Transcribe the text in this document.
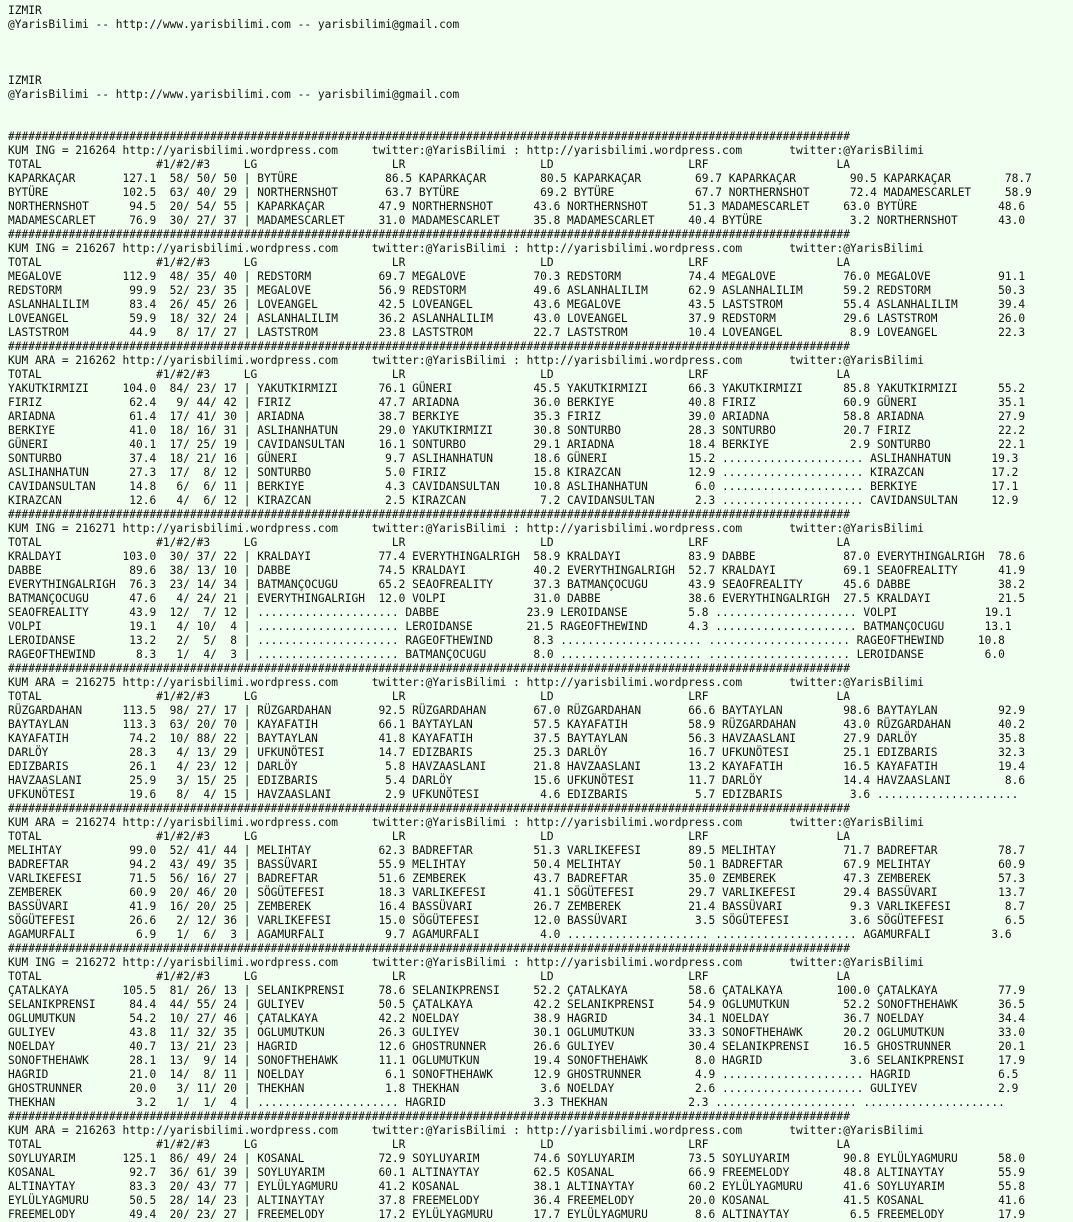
IZMIR
@YarisBilimi -- http://www.yarisbilimi.com -- yarisbilimi@gmail.com
IZMIR
@YarisBilimi -- http://www.yarisbilimi.com -- yarisbilimi@gmail.com
#############################################################################################################################
KUM ING = 216264 http://yarisbilimi.wordpress.com     twitter:@YarisBilimi : http://yarisbilimi.wordpress.com       twitter:@YarisBilimi
TOTAL                 #1/#2/#3     LG                    LR                    LD                    LRF                   LA
KAPARKAÇAR       127.1  58/ 50/ 50 | BYTÜRE             86.5 KAPARKAÇAR        80.5 KAPARKAÇAR        69.7 KAPARKAÇAR        90.5 KAPARKAÇAR        78.7
BYTÜRE           102.5  63/ 40/ 29 | NORTHERNSHOT       63.7 BYTÜRE            69.2 BYTÜRE            67.7 NORTHERNSHOT      72.4 MADAMESCARLET     58.9
NORTHERNSHOT      94.5  20/ 54/ 55 | KAPARKAÇAR        47.9 NORTHERNSHOT      43.6 NORTHERNSHOT      51.3 MADAMESCARLET     63.0 BYTÜRE            48.6
MADAMESCARLET     76.9  30/ 27/ 37 | MADAMESCARLET     31.0 MADAMESCARLET     35.8 MADAMESCARLET     40.4 BYTÜRE             3.2 NORTHERNSHOT      43.0
#############################################################################################################################
KUM ING = 216267 http://yarisbilimi.wordpress.com     twitter:@YarisBilimi : http://yarisbilimi.wordpress.com       twitter:@YarisBilimi
TOTAL                 #1/#2/#3     LG                    LR                    LD                    LRF                   LA
MEGALOVE         112.9  48/ 35/ 40 | REDSTORM          69.7 MEGALOVE          70.3 REDSTORM          74.4 MEGALOVE          76.0 MEGALOVE          91.1
REDSTORM          99.9  52/ 23/ 35 | MEGALOVE          56.9 REDSTORM          49.6 ASLANHALILIM      62.9 ASLANHALILIM      59.2 REDSTORM          50.3
ASLANHALILIM      83.4  26/ 45/ 26 | LOVEANGEL         42.5 LOVEANGEL         43.6 MEGALOVE          43.5 LASTSTROM         55.4 ASLANHALILIM      39.4
LOVEANGEL         59.9  18/ 32/ 24 | ASLANHALILIM      36.2 ASLANHALILIM      43.0 LOVEANGEL         37.9 REDSTORM          29.6 LASTSTROM         26.0
LASTSTROM         44.9   8/ 17/ 27 | LASTSTROM         23.8 LASTSTROM         22.7 LASTSTROM         10.4 LOVEANGEL          8.9 LOVEANGEL         22.3
#############################################################################################################################
KUM ARA = 216262 http://yarisbilimi.wordpress.com     twitter:@YarisBilimi : http://yarisbilimi.wordpress.com       twitter:@YarisBilimi
TOTAL                 #1/#2/#3     LG                    LR                    LD                    LRF                   LA
YAKUTKIRMIZI     104.0  84/ 23/ 17 | YAKUTKIRMIZI      76.1 GÜNERI            45.5 YAKUTKIRMIZI      66.3 YAKUTKIRMIZI      85.8 YAKUTKIRMIZI      55.2
FIRIZ             62.4   9/ 44/ 42 | FIRIZ             47.7 ARIADNA           36.0 BERKIYE           40.8 FIRIZ             60.9 GÜNERI            35.1
ARIADNA           61.4  17/ 41/ 30 | ARIADNA           38.7 BERKIYE           35.3 FIRIZ             39.0 ARIADNA           58.8 ARIADNA           27.9
BERKIYE           41.0  18/ 16/ 31 | ASLIHANHATUN      29.0 YAKUTKIRMIZI      30.8 SONTURBO          28.3 SONTURBO          20.7 FIRIZ             22.2
GÜNERI            40.1  17/ 25/ 19 | CAVIDANSULTAN     16.1 SONTURBO          29.1 ARIADNA           18.4 BERKIYE            2.9 SONTURBO          22.1
SONTURBO          37.4  18/ 21/ 16 | GÜNERI             9.7 ASLIHANHATUN      18.6 GÜNERI            15.2 ..................... ASLIHANHATUN      19.3
ASLIHANHATUN      27.3  17/  8/ 12 | SONTURBO           5.0 FIRIZ             15.8 KIRAZCAN          12.9 ..................... KIRAZCAN          17.2
CAVIDANSULTAN     14.8   6/  6/ 11 | BERKIYE            4.3 CAVIDANSULTAN     10.8 ASLIHANHATUN       6.0 ..................... BERKIYE           17.1
KIRAZCAN          12.6   4/  6/ 12 | KIRAZCAN           2.5 KIRAZCAN           7.2 CAVIDANSULTAN      2.3 ..................... CAVIDANSULTAN     12.9
#############################################################################################################################
KUM ING = 216271 http://yarisbilimi.wordpress.com     twitter:@YarisBilimi : http://yarisbilimi.wordpress.com       twitter:@YarisBilimi
TOTAL                 #1/#2/#3     LG                    LR                    LD                    LRF                   LA
KRALDAYI         103.0  30/ 37/ 22 | KRALDAYI          77.4 EVERYTHINGALRIGH  58.9 KRALDAYI          83.9 DABBE             87.0 EVERYTHINGALRIGH  78.6
DABBE             89.6  38/ 13/ 10 | DABBE             74.5 KRALDAYI          40.2 EVERYTHINGALRIGH  52.7 KRALDAYI          69.1 SEAOFREALITY      41.9
EVERYTHINGALRIGH  76.3  23/ 14/ 34 | BATMANÇOCUGU      65.2 SEAOFREALITY      37.3 BATMANÇOCUGU      43.9 SEAOFREALITY      45.6 DABBE             38.2
BATMANÇOCUGU      47.6   4/ 24/ 21 | EVERYTHINGALRIGH  12.0 VOLPI             31.0 DABBE             38.6 EVERYTHINGALRIGH  27.5 KRALDAYI          21.5
SEAOFREALITY      43.9  12/  7/ 12 | ..................... DABBE             23.9 LEROIDANSE         5.8 ..................... VOLPI             19.1
VOLPI             19.1   4/ 10/  4 | ..................... LEROIDANSE        21.5 RAGEOFTHEWIND      4.3 ..................... BATMANÇOCUGU      13.1
LEROIDANSE        13.2   2/  5/  8 | ..................... RAGEOFTHEWIND      8.3 ..................... ..................... RAGEOFTHEWIND     10.8
RAGEOFTHEWIND      8.3   1/  4/  3 | ..................... BATMANÇOCUGU       8.0 ..................... ..................... LEROIDANSE         6.0
#############################################################################################################################
KUM ARA = 216275 http://yarisbilimi.wordpress.com     twitter:@YarisBilimi : http://yarisbilimi.wordpress.com       twitter:@YarisBilimi
TOTAL                 #1/#2/#3     LG                    LR                    LD                    LRF                   LA
RÜZGARDAHAN      113.5  98/ 27/ 17 | RÜZGARDAHAN       92.5 RÜZGARDAHAN       67.0 RÜZGARDAHAN       66.6 BAYTAYLAN         98.6 BAYTAYLAN         92.9
BAYTAYLAN        113.3  63/ 20/ 70 | KAYAFATIH         66.1 BAYTAYLAN         57.5 KAYAFATIH         58.9 RÜZGARDAHAN       43.0 RÜZGARDAHAN       40.2
KAYAFATIH         74.2  10/ 88/ 22 | BAYTAYLAN         41.8 KAYAFATIH         37.5 BAYTAYLAN         56.3 HAVZAASLANI       27.9 DARLÖY            35.8
DARLÖY            28.3   4/ 13/ 29 | UFKUNÖTESI        14.7 EDIZBARIS         25.3 DARLÖY            16.7 UFKUNÖTESI        25.1 EDIZBARIS         32.3
EDIZBARIS         26.1   4/ 23/ 12 | DARLÖY             5.8 HAVZAASLANI       21.8 HAVZAASLANI       13.2 KAYAFATIH         16.5 KAYAFATIH         19.4
HAVZAASLANI       25.9   3/ 15/ 25 | EDIZBARIS          5.4 DARLÖY            15.6 UFKUNÖTESI        11.7 DARLÖY            14.4 HAVZAASLANI        8.6
UFKUNÖTESI        19.6   8/  4/ 15 | HAVZAASLANI        2.9 UFKUNÖTESI         4.6 EDIZBARIS          5.7 EDIZBARIS          3.6 .....................
#############################################################################################################################
KUM ARA = 216274 http://yarisbilimi.wordpress.com     twitter:@YarisBilimi : http://yarisbilimi.wordpress.com       twitter:@YarisBilimi
TOTAL                 #1/#2/#3     LG                    LR                    LD                    LRF                   LA
MELIHTAY          99.0  52/ 41/ 44 | MELIHTAY          62.3 BADREFTAR         51.3 VARLIKEFESI       89.5 MELIHTAY          71.7 BADREFTAR         78.7
BADREFTAR         94.2  43/ 49/ 35 | BASSÜVARI         55.9 MELIHTAY          50.4 MELIHTAY          50.1 BADREFTAR         67.9 MELIHTAY          60.9
VARLIKEFESI       71.5  56/ 16/ 27 | BADREFTAR         51.6 ZEMBEREK          43.7 BADREFTAR         35.0 ZEMBEREK          47.3 ZEMBEREK          57.3
ZEMBEREK          60.9  20/ 46/ 20 | SÖGÜTEFESI        18.3 VARLIKEFESI       41.1 SÖGÜTEFESI        29.7 VARLIKEFESI       29.4 BASSÜVARI         13.7
BASSÜVARI         41.9  16/ 20/ 25 | ZEMBEREK          16.4 BASSÜVARI         26.7 ZEMBEREK          21.4 BASSÜVARI          9.3 VARLIKEFESI        8.7
SÖGÜTEFESI        26.6   2/ 12/ 36 | VARLIKEFESI       15.0 SÖGÜTEFESI        12.0 BASSÜVARI          3.5 SÖGÜTEFESI         3.6 SÖGÜTEFESI         6.5
AGAMURFALI         6.9   1/  6/  3 | AGAMURFALI         9.7 AGAMURFALI         4.0 ..................... ..................... AGAMURFALI         3.6
#############################################################################################################################
KUM ING = 216272 http://yarisbilimi.wordpress.com     twitter:@YarisBilimi : http://yarisbilimi.wordpress.com       twitter:@YarisBilimi
TOTAL                 #1/#2/#3     LG                    LR                    LD                    LRF                   LA
ÇATALKAYA        105.5  81/ 26/ 13 | SELANIKPRENSI     78.6 SELANIKPRENSI     52.2 ÇATALKAYA         58.6 ÇATALKAYA        100.0 ÇATALKAYA         77.9
SELANIKPRENSI     84.4  44/ 55/ 24 | GULIYEV           50.5 ÇATALKAYA         42.2 SELANIKPRENSI     54.9 OGLUMUTKUN        52.2 SONOFTHEHAWK      36.5
OGLUMUTKUN        54.2  10/ 27/ 46 | ÇATALKAYA         42.2 NOELDAY           38.9 HAGRID            34.1 NOELDAY           36.7 NOELDAY           34.4
GULIYEV           43.8  11/ 32/ 35 | OGLUMUTKUN        26.3 GULIYEV           30.1 OGLUMUTKUN        33.3 SONOFTHEHAWK      20.2 OGLUMUTKUN        33.0
NOELDAY           40.7  13/ 21/ 23 | HAGRID            12.6 GHOSTRUNNER       26.6 GULIYEV           30.4 SELANIKPRENSI     16.5 GHOSTRUNNER       20.1
SONOFTHEHAWK      28.1  13/  9/ 14 | SONOFTHEHAWK      11.1 OGLUMUTKUN        19.4 SONOFTHEHAWK       8.0 HAGRID             3.6 SELANIKPRENSI     17.9
HAGRID            21.0  14/  8/ 11 | NOELDAY            6.1 SONOFTHEHAWK      12.9 GHOSTRUNNER        4.9 ..................... HAGRID             6.5
GHOSTRUNNER       20.0   3/ 11/ 20 | THEKHAN            1.8 THEKHAN            3.6 NOELDAY            2.6 ..................... GULIYEV            2.9
THEKHAN            3.2   1/  1/  4 | ..................... HAGRID             3.3 THEKHAN            2.3 ..................... .....................
#############################################################################################################################
KUM ARA = 216263 http://yarisbilimi.wordpress.com     twitter:@YarisBilimi : http://yarisbilimi.wordpress.com       twitter:@YarisBilimi
TOTAL                 #1/#2/#3     LG                    LR                    LD                    LRF                   LA
SOYLUYARIM       125.1  86/ 49/ 24 | KOSANAL           72.9 SOYLUYARIM        74.6 SOYLUYARIM        73.5 SOYLUYARIM        90.8 EYLÜLYAGMURU      58.0
KOSANAL           92.7  36/ 61/ 39 | SOYLUYARIM        60.1 ALTINAYTAY        62.5 KOSANAL           66.9 FREEMELODY        48.8 ALTINAYTAY        55.9
ALTINAYTAY        83.3  20/ 43/ 77 | EYLÜLYAGMURU      41.2 KOSANAL           38.1 ALTINAYTAY        60.2 EYLÜLYAGMURU      41.6 SOYLUYARIM        55.8
EYLÜLYAGMURU      50.5  28/ 14/ 23 | ALTINAYTAY        37.8 FREEMELODY        36.4 FREEMELODY        20.0 KOSANAL           41.5 KOSANAL           41.6
FREEMELODY        49.4  20/ 23/ 27 | FREEMELODY        17.2 EYLÜLYAGMURU      17.7 EYLÜLYAGMURU       8.6 ALTINAYTAY         6.5 FREEMELODY        17.9
